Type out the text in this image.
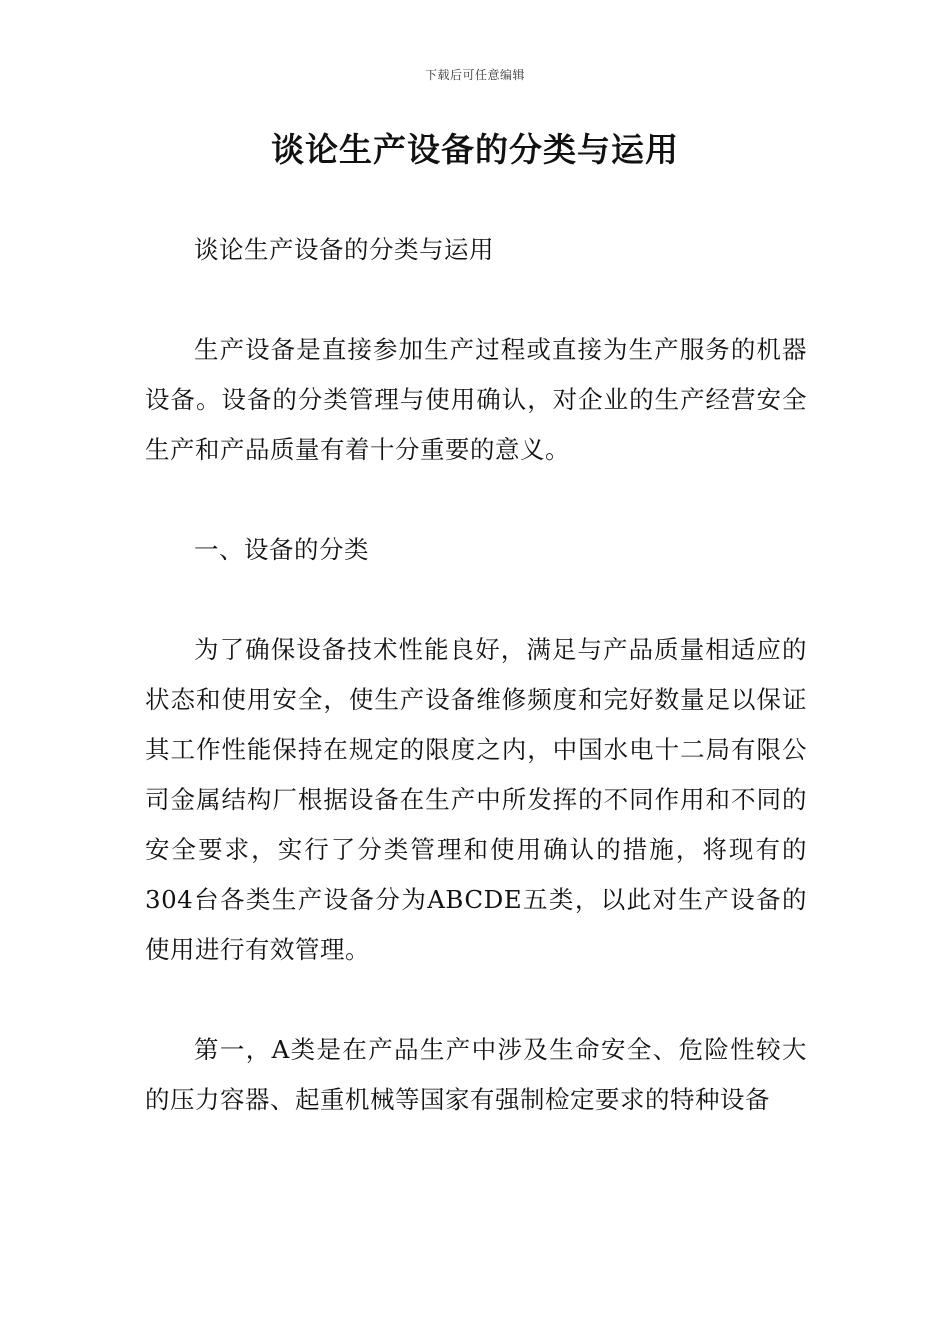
下载后可任意编辑
谈论生产设备的分类与运用

谈论生产设备的分类与运用

生产设备是直接参加生产过程或直接为生产服务的机器设备。设备的分类管理与使用确认，对企业的生产经营安全生产和产品质量有着十分重要的意义。

一、设备的分类

为了确保设备技术性能良好，满足与产品质量相适应的状态和使用安全，使生产设备维修频度和完好数量足以保证其工作性能保持在规定的限度之内，中国水电十二局有限公司金属结构厂根据设备在生产中所发挥的不同作用和不同的安全要求，实行了分类管理和使用确认的措施，将现有的304台各类生产设备分为ABCDE五类，以此对生产设备的使用进行有效管理。

第一，A类是在产品生产中涉及生命安全、危险性较大的压力容器、起重机械等国家有强制检定要求的特种设备
